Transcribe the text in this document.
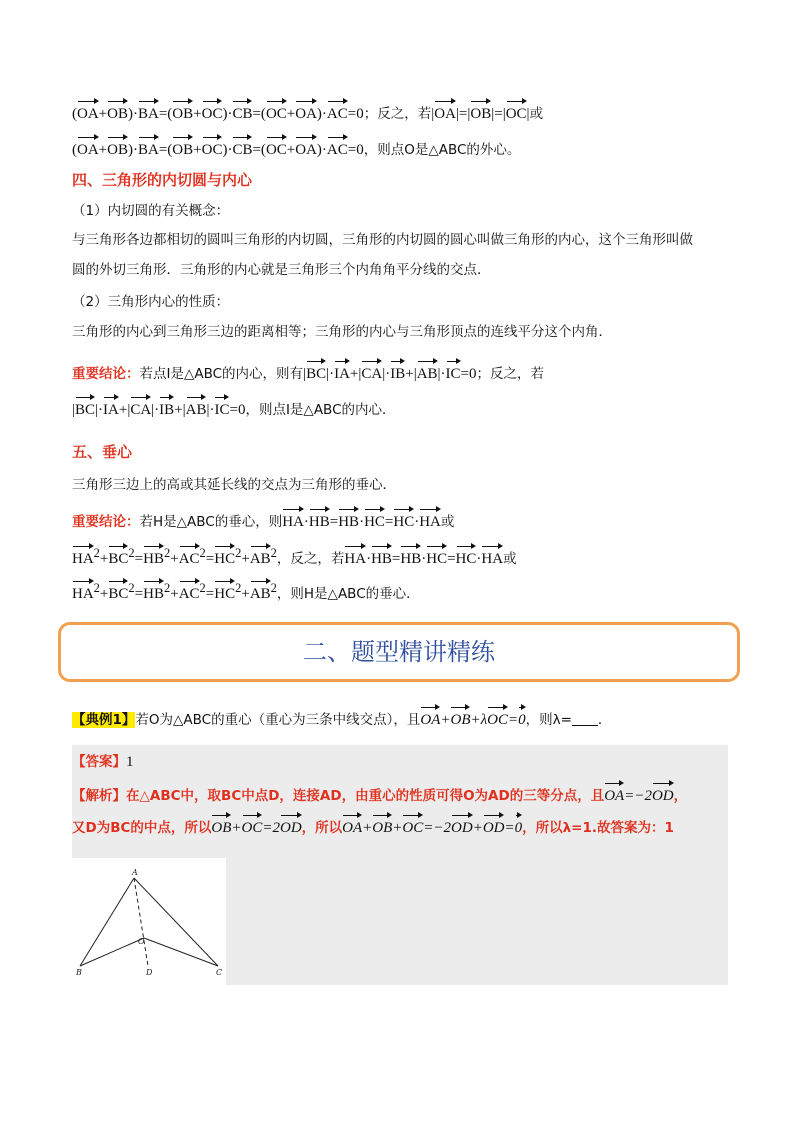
(OA+OB)·BA=(OB+OC)·CB=(OC+OA)·AC=0；反之，若|OA|=|OB|=|OC|或
(OA+OB)·BA=(OB+OC)·CB=(OC+OA)·AC=0，则点O是△ABC的外心。
四、三角形的内切圆与内心
（1）内切圆的有关概念：
与三角形各边都相切的圆叫三角形的内切圆，三角形的内切圆的圆心叫做三角形的内心，这个三角形叫做
圆的外切三角形．三角形的内心就是三角形三个内角角平分线的交点．
（2）三角形内心的性质：
三角形的内心到三角形三边的距离相等；三角形的内心与三角形顶点的连线平分这个内角．
重要结论：若点I是△ABC的内心，则有|BC|·IA+|CA|·IB+|AB|·IC=0；反之，若
|BC|·IA+|CA|·IB+|AB|·IC=0，则点I是△ABC的内心．
五、垂心
三角形三边上的高或其延长线的交点为三角形的垂心．
重要结论：若H是△ABC的垂心，则HA·HB=HB·HC=HC·HA或
$HA^2+BC^2=HB^2+AC^2=HC^2+AB^2$，反之，若HA·HB=HB·HC=HC·HA或
$HA^2+BC^2=HB^2+AC^2=HC^2+AB^2$，则H是△ABC的垂心．
二、题型精讲精练
【典例1】若O为△ABC的重心（重心为三条中线交点），且OA+OB+λOC=0，则λ= ．
【答案】1
【解析】在△ABC中，取BC中点D，连接AD，由重心的性质可得O为AD的三等分点，且OA=−2OD，
又D为BC的中点，所以OB+OC=2OD，所以OA+OB+OC=−2OD+OD=0，所以λ=1.故答案为：1
A
O
B	D	C
